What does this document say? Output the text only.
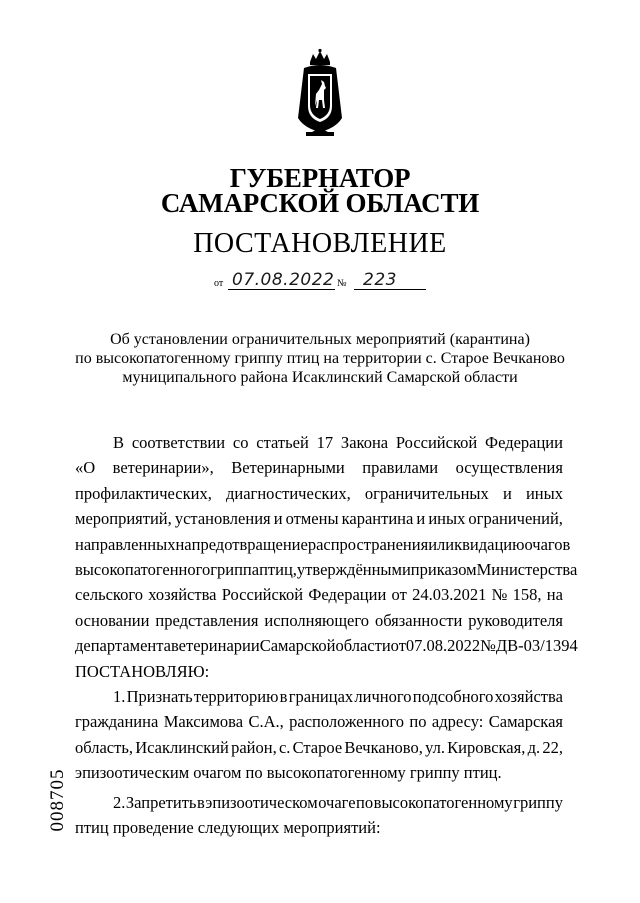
ГУБЕРНАТОР
САМАРСКОЙ ОБЛАСТИ
ПОСТАНОВЛЕНИЕ
от 07.08.2022 № 223
Об установлении ограничительных мероприятий (карантина)
по высокопатогенному гриппу птиц на территории с. Старое Вечканово
муниципального района Исаклинский Самарской области
В соответствии со статьей 17 Закона Российской Федерации
«О ветеринарии», Ветеринарными правилами осуществления
профилактических, диагностических, ограничительных и иных
мероприятий, установления и отмены карантина и иных ограничений,
направленных на предотвращение распространения и ликвидацию очагов
высокопатогенного гриппа птиц, утверждёнными приказом Министерства
сельского хозяйства Российской Федерации от 24.03.2021 № 158, на
основании представления исполняющего обязанности руководителя
департамента ветеринарии Самарской области от 07.08.2022 № ДВ-03/1394
ПОСТАНОВЛЯЮ:
1. Признать территорию в границах личного подсобного хозяйства
гражданина Максимова С.А., расположенного по адресу: Самарская
область, Исаклинский район, с. Старое Вечканово, ул. Кировская, д. 22,
эпизоотическим очагом по высокопатогенному гриппу птиц.
2. Запретить в эпизоотическом очаге по высокопатогенному гриппу
птиц проведение следующих мероприятий:
008705
